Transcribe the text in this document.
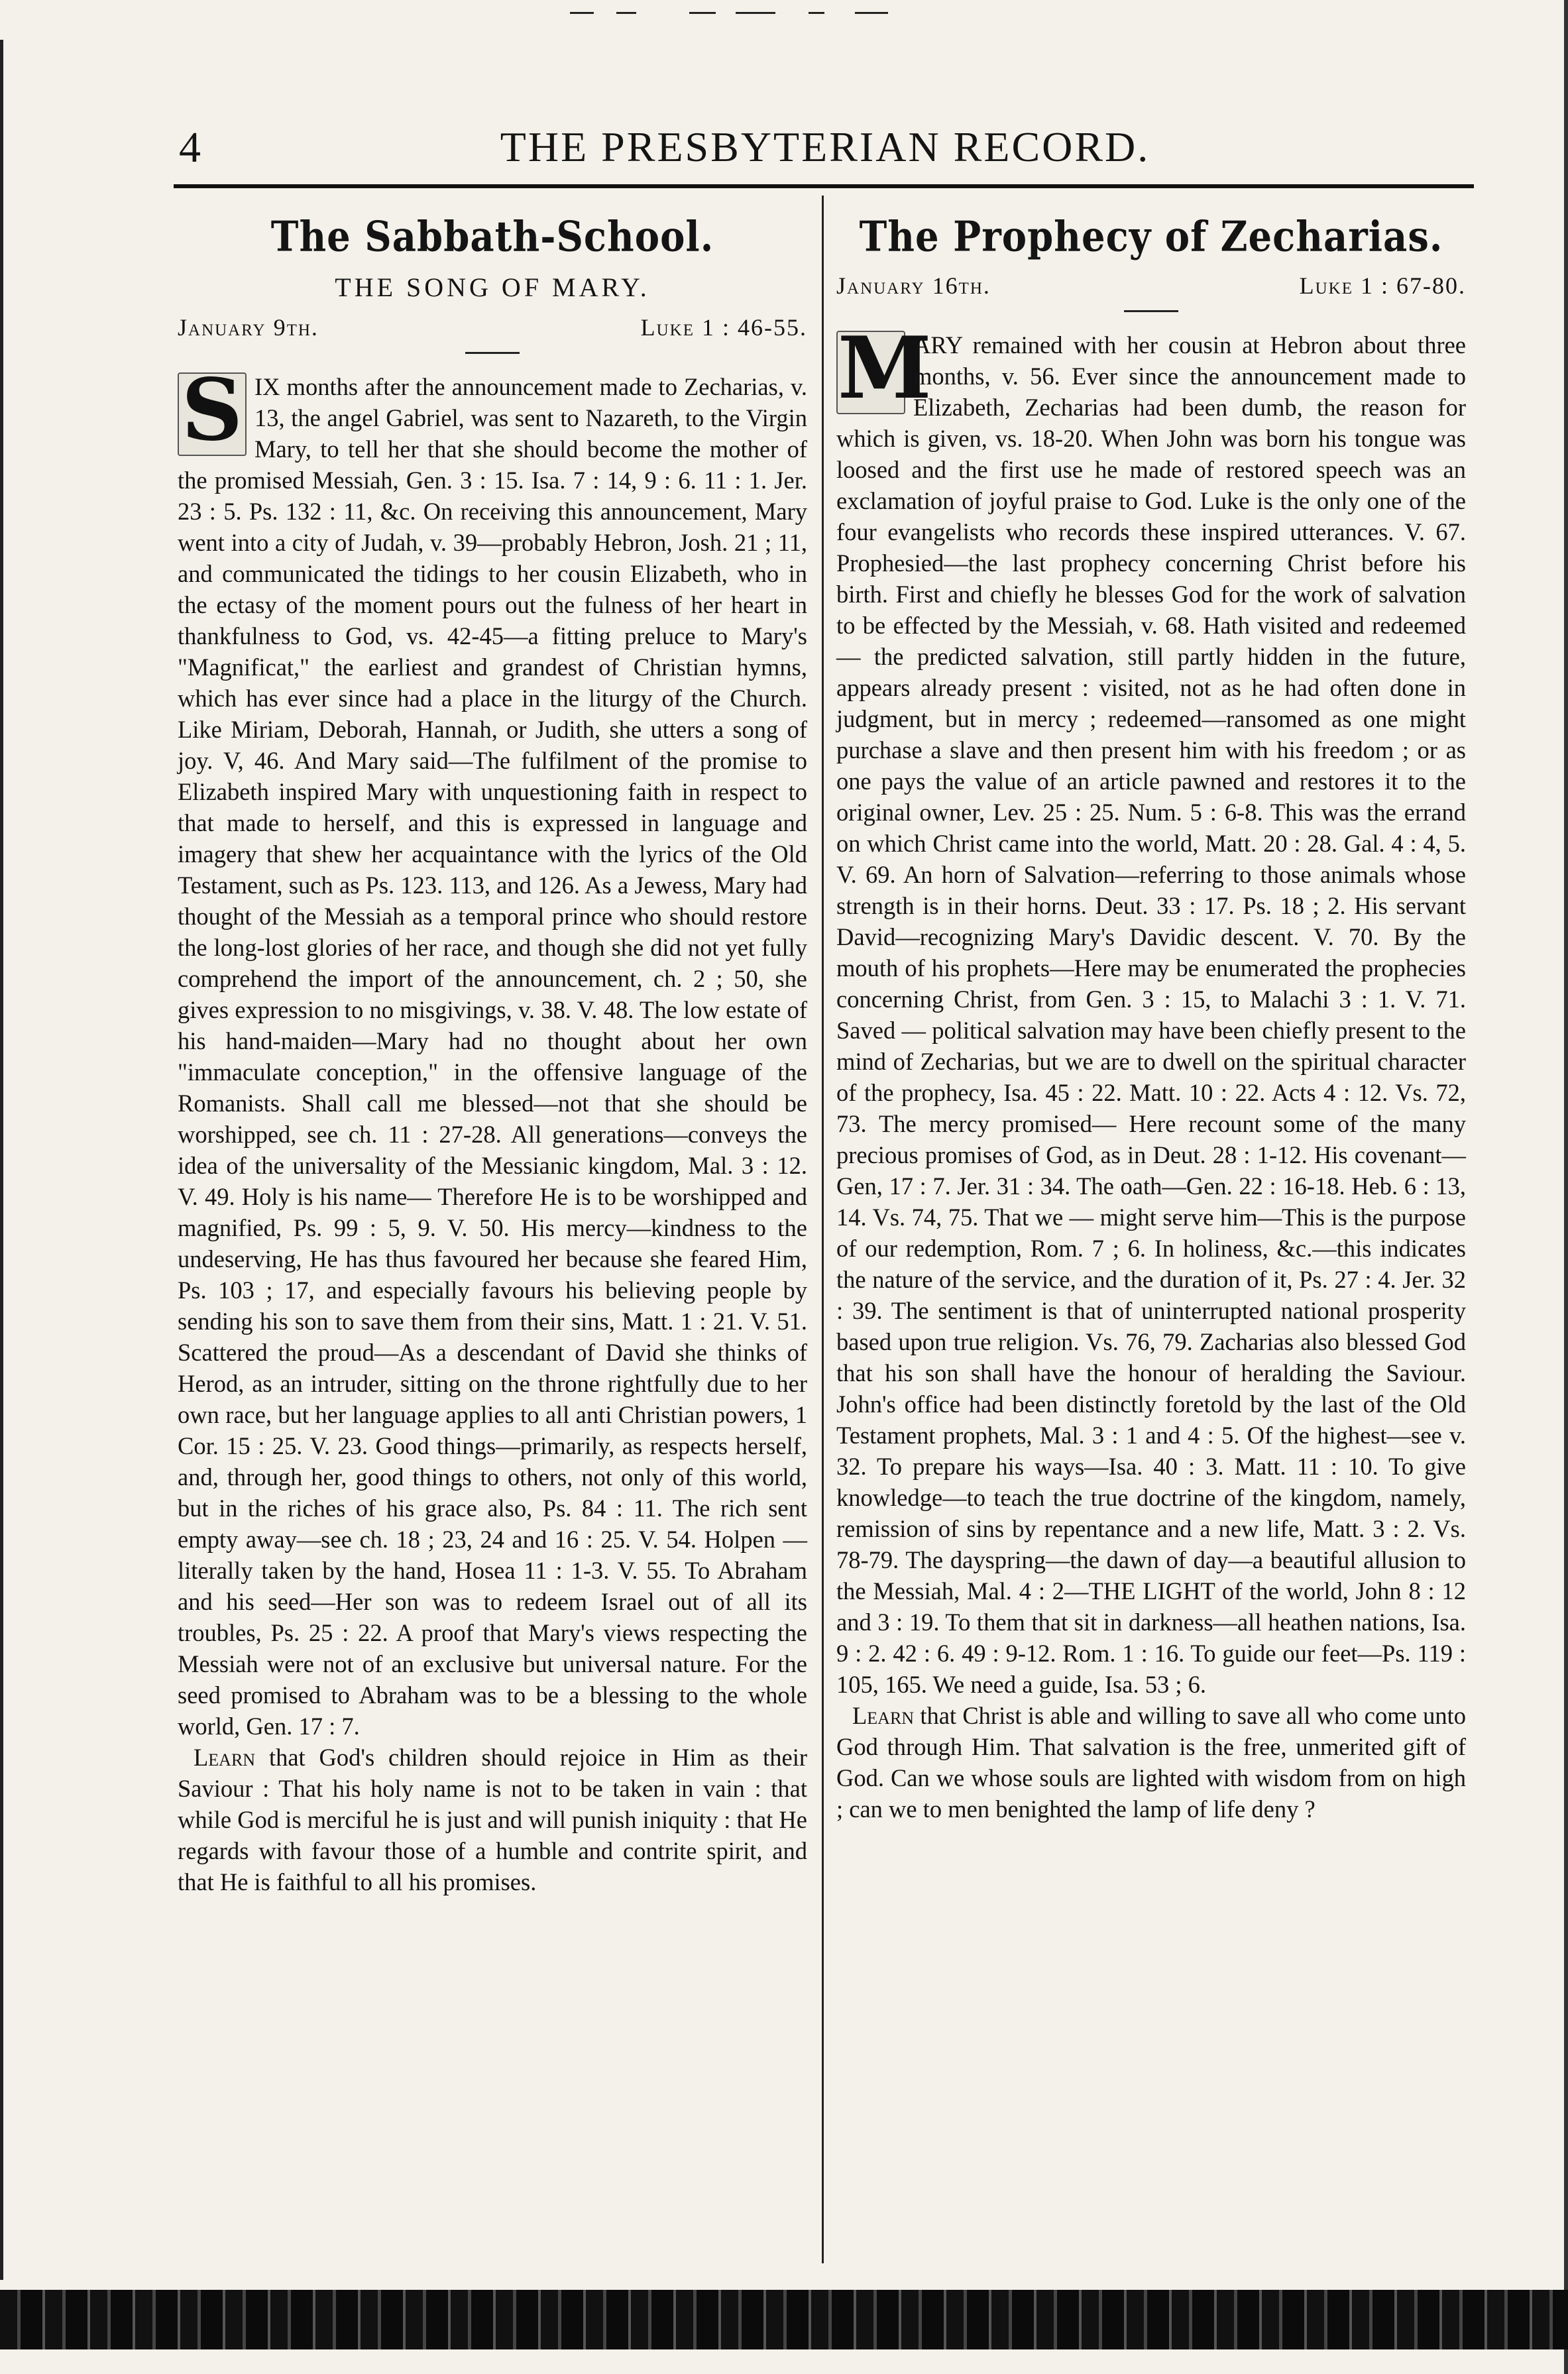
4	THE PRESBYTERIAN RECORD.
The Sabbath-School.
THE SONG OF MARY.
January 9th.	Luke 1 : 46-55.

S IX months after the announcement made to Zecharias, v. 13, the angel Gabriel, was sent to Nazareth, to the Virgin Mary, to tell her that she should become the mother of the promised Messiah, Gen. 3 : 15. Isa. 7 : 14, 9 : 6. 11 : 1. Jer. 23 : 5. Ps. 132 : 11, &c. On receiving this announcement, Mary went into a city of Judah, v. 39—probably Hebron, Josh. 21 ; 11, and communicated the tidings to her cousin Elizabeth, who in the ectasy of the moment pours out the fulness of her heart in thankfulness to God, vs. 42-45—a fitting preluce to Mary's "Magnificat," the earliest and grandest of Christian hymns, which has ever since had a place in the liturgy of the Church. Like Miriam, Deborah, Hannah, or Judith, she utters a song of joy. V, 46. And Mary said—The fulfilment of the promise to Elizabeth inspired Mary with unquestioning faith in respect to that made to herself, and this is expressed in language and imagery that shew her acquaintance with the lyrics of the Old Testament, such as Ps. 123. 113, and 126. As a Jewess, Mary had thought of the Messiah as a temporal prince who should restore the long-lost glories of her race, and though she did not yet fully comprehend the import of the announcement, ch. 2 ; 50, she gives expression to no misgivings, v. 38. V. 48. The low estate of his hand-maiden—Mary had no thought about her own "immaculate conception," in the offensive language of the Romanists. Shall call me blessed—not that she should be worshipped, see ch. 11 : 27-28. All generations—conveys the idea of the universality of the Messianic kingdom, Mal. 3 : 12. V. 49. Holy is his name— Therefore He is to be worshipped and magnified, Ps. 99 : 5, 9. V. 50. His mercy—kindness to the undeserving, He has thus favoured her because she feared Him, Ps. 103 ; 17, and especially favours his believing people by sending his son to save them from their sins, Matt. 1 : 21. V. 51. Scattered the proud—As a descendant of David she thinks of Herod, as an intruder, sitting on the throne rightfully due to her own race, but her language applies to all anti Christian powers, 1 Cor. 15 : 25. V. 23. Good things—primarily, as respects herself, and, through her, good things to others, not only of this world, but in the riches of his grace also, Ps. 84 : 11. The rich sent empty away—see ch. 18 ; 23, 24 and 16 : 25. V. 54. Holpen — literally taken by the hand, Hosea 11 : 1-3. V. 55. To Abraham and his seed—Her son was to redeem Israel out of all its troubles, Ps. 25 : 22. A proof that Mary's views respecting the Messiah were not of an exclusive but universal nature. For the seed promised to Abraham was to be a blessing to the whole world, Gen. 17 : 7.

Learn that God's children should rejoice in Him as their Saviour : That his holy name is not to be taken in vain : that while God is merciful he is just and will punish iniquity : that He regards with favour those of a humble and contrite spirit, and that He is faithful to all his promises.

The Prophecy of Zecharias.
January 16th.	Luke 1 : 67-80.

M
ARY remained with her cousin at Hebron about three months, v. 56. Ever since the announcement made to Elizabeth, Zecharias had been dumb, the reason for which is given, vs. 18-20. When John was born his tongue was loosed and the first use he made of restored speech was an exclamation of joyful praise to God. Luke is the only one of the four evangelists who records these inspired utterances. V. 67. Prophesied—the last prophecy concerning Christ before his birth. First and chiefly he blesses God for the work of salvation to be effected by the Messiah, v. 68. Hath visited and redeemed — the predicted salvation, still partly hidden in the future, appears already present : visited, not as he had often done in judgment, but in mercy ; redeemed—ransomed as one might purchase a slave and then present him with his freedom ; or as one pays the value of an article pawned and restores it to the original owner, Lev. 25 : 25. Num. 5 : 6-8. This was the errand on which Christ came into the world, Matt. 20 : 28. Gal. 4 : 4, 5. V. 69. An horn of Salvation—referring to those animals whose strength is in their horns. Deut. 33 : 17. Ps. 18 ; 2. His servant David—recognizing Mary's Davidic descent. V. 70. By the mouth of his prophets—Here may be enumerated the prophecies concerning Christ, from Gen. 3 : 15, to Malachi 3 : 1. V. 71. Saved — political salvation may have been chiefly present to the mind of Zecharias, but we are to dwell on the spiritual character of the prophecy, Isa. 45 : 22. Matt. 10 : 22. Acts 4 : 12. Vs. 72, 73. The mercy promised— Here recount some of the many precious promises of God, as in Deut. 28 : 1-12. His covenant—Gen, 17 : 7. Jer. 31 : 34. The oath—Gen. 22 : 16-18. Heb. 6 : 13, 14. Vs. 74, 75. That we — might serve him—This is the purpose of our redemption, Rom. 7 ; 6. In holiness, &c.—this indicates the nature of the service, and the duration of it, Ps. 27 : 4. Jer. 32 : 39. The sentiment is that of uninterrupted national prosperity based upon true religion. Vs. 76, 79. Zacharias also blessed God that his son shall have the honour of heralding the Saviour. John's office had been distinctly foretold by the last of the Old Testament prophets, Mal. 3 : 1 and 4 : 5. Of the highest—see v. 32. To prepare his ways—Isa. 40 : 3. Matt. 11 : 10. To give knowledge—to teach the true doctrine of the kingdom, namely, remission of sins by repentance and a new life, Matt. 3 : 2. Vs. 78-79. The dayspring—the dawn of day—a beautiful allusion to the Messiah, Mal. 4 : 2—THE LIGHT of the world, John 8 : 12 and 3 : 19. To them that sit in darkness—all heathen nations, Isa. 9 : 2. 42 : 6. 49 : 9-12. Rom. 1 : 16. To guide our feet—Ps. 119 : 105, 165. We need a guide, Isa. 53 ; 6.

Learn that Christ is able and willing to save all who come unto God through Him. That salvation is the free, unmerited gift of God. Can we whose souls are lighted with wisdom from on high ; can we to men benighted the lamp of life deny ?
